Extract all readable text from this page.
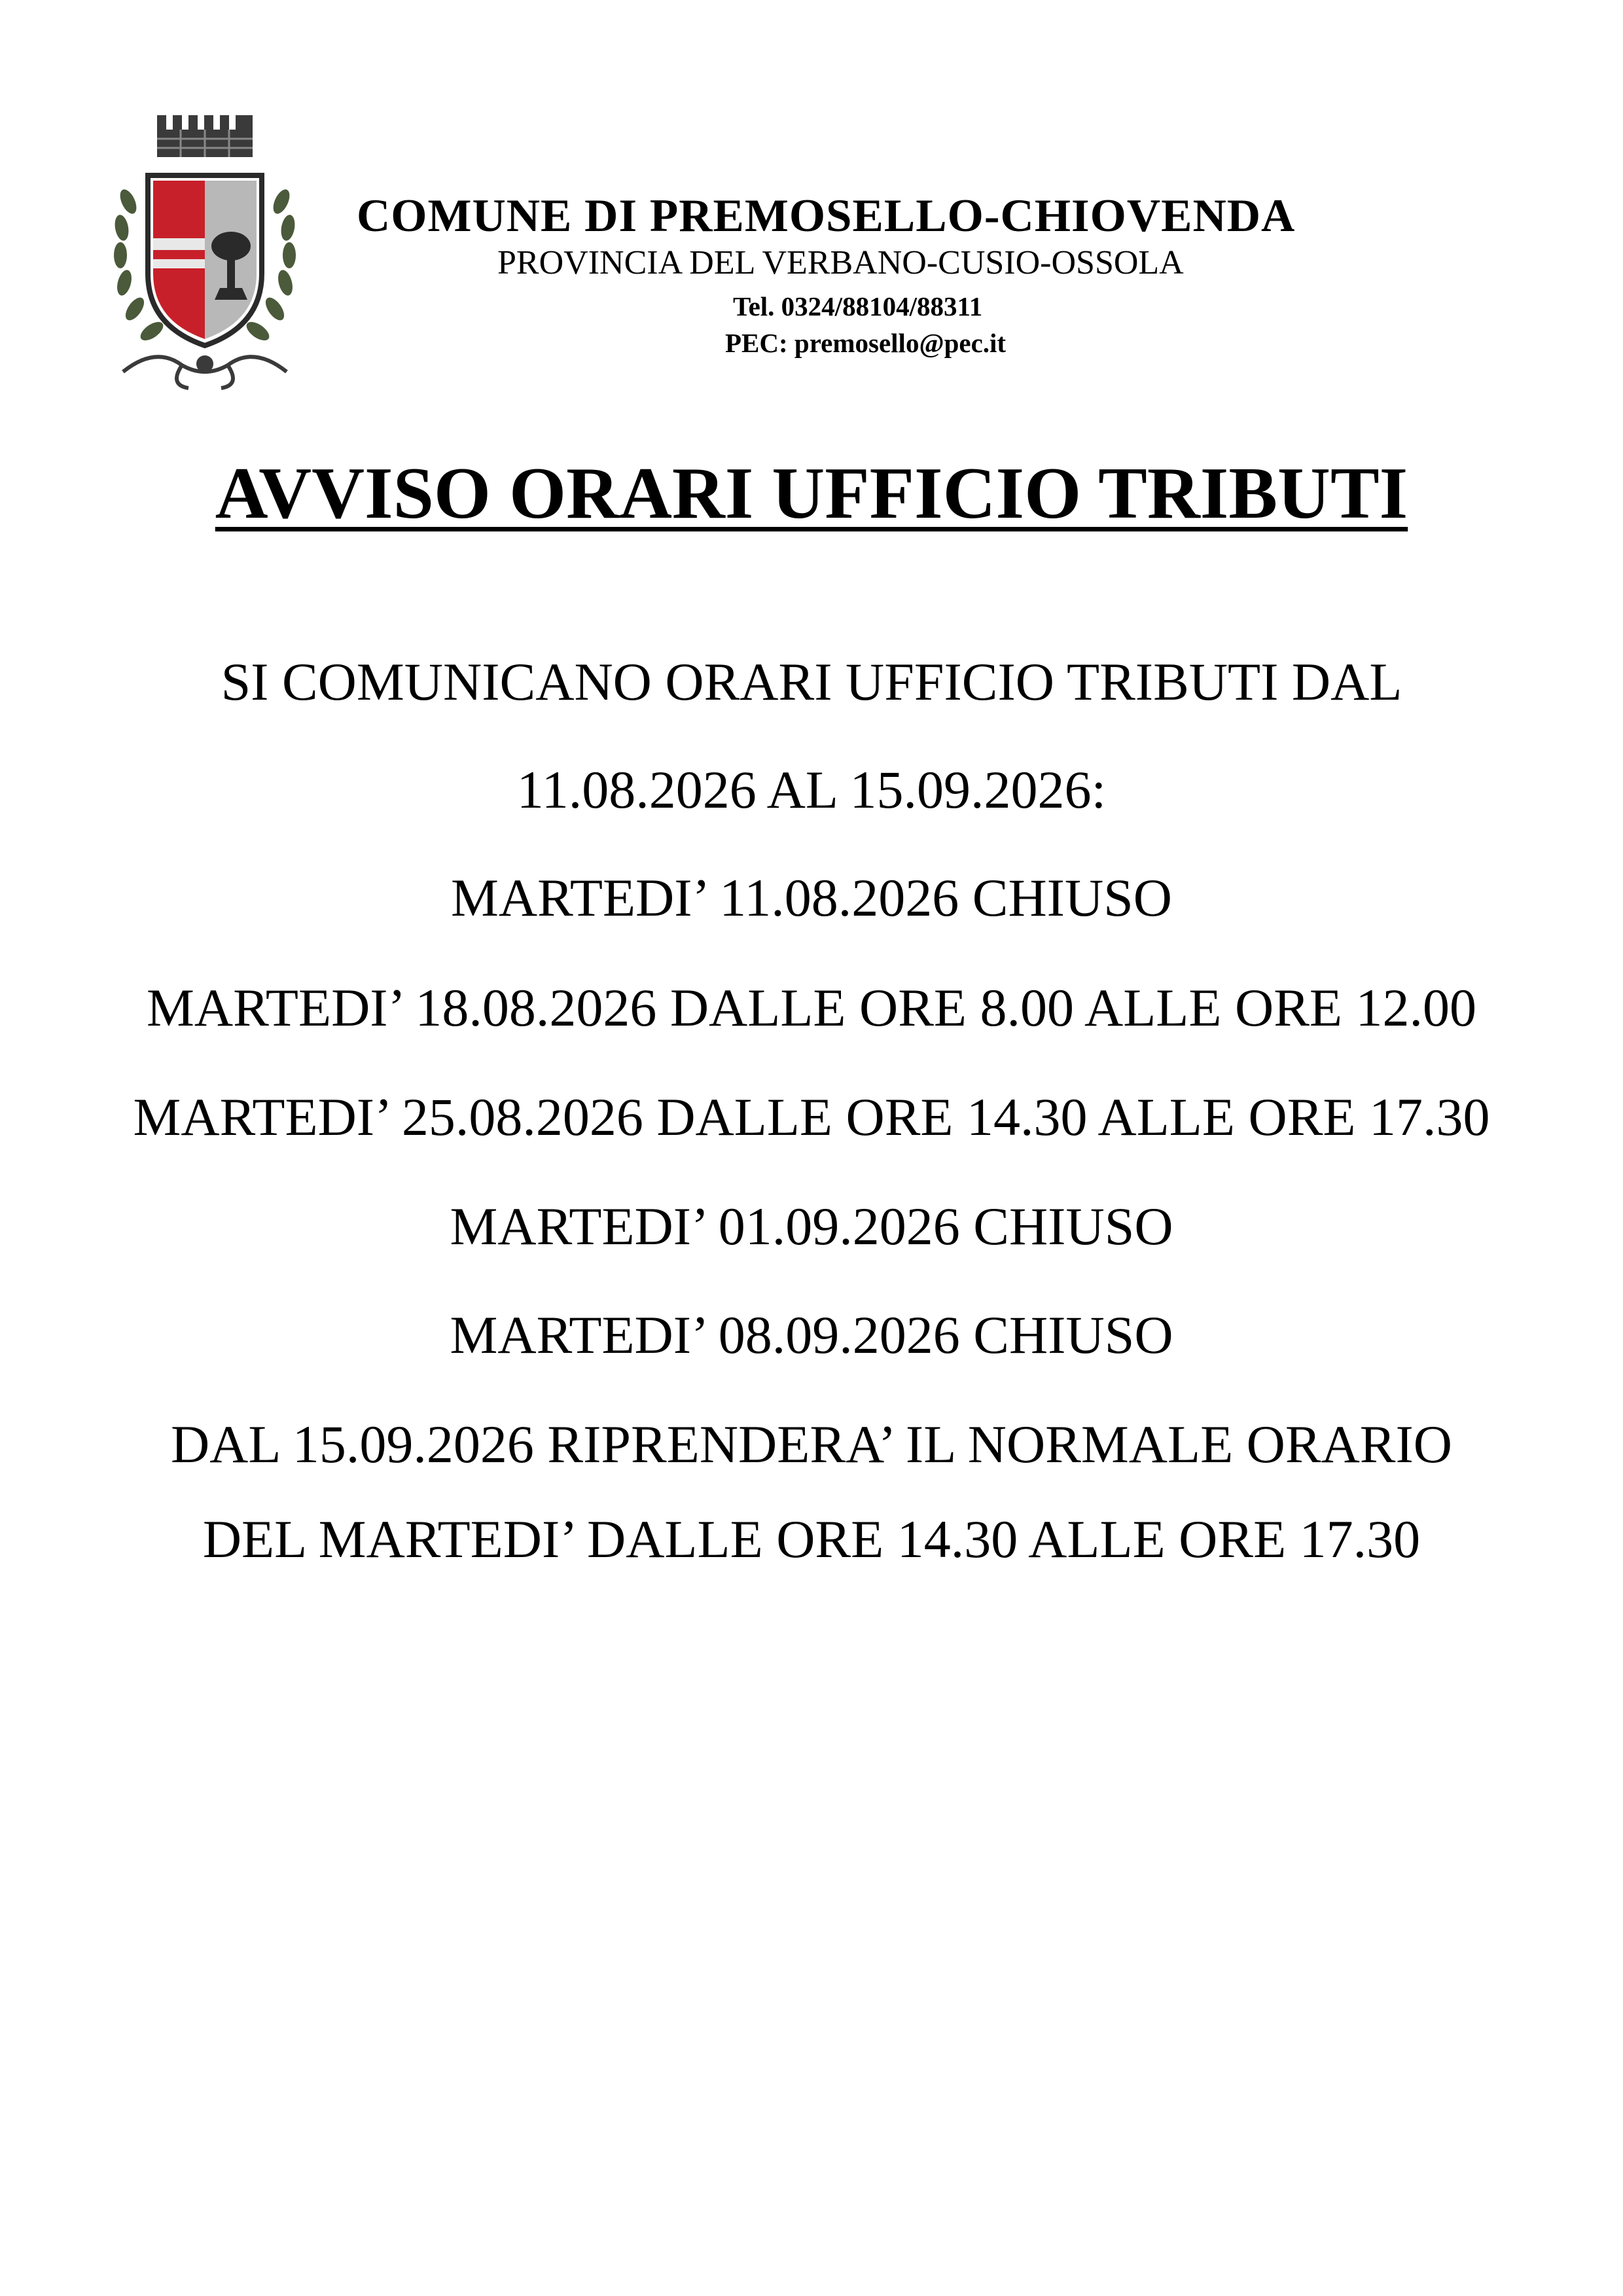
COMUNE DI PREMOSELLO-CHIOVENDA
PROVINCIA DEL VERBANO-CUSIO-OSSOLA
Tel. 0324/88104/88311
PEC: premosello@pec.it
AVVISO ORARI UFFICIO TRIBUTI
SI COMUNICANO ORARI UFFICIO TRIBUTI DAL
11.08.2026 AL 15.09.2026:
MARTEDI’ 11.08.2026 CHIUSO
MARTEDI’ 18.08.2026 DALLE ORE 8.00 ALLE ORE 12.00
MARTEDI’ 25.08.2026 DALLE ORE 14.30 ALLE ORE 17.30
MARTEDI’ 01.09.2026 CHIUSO
MARTEDI’ 08.09.2026 CHIUSO
DAL 15.09.2026 RIPRENDERA’ IL NORMALE ORARIO
DEL MARTEDI’ DALLE ORE 14.30 ALLE ORE 17.30
